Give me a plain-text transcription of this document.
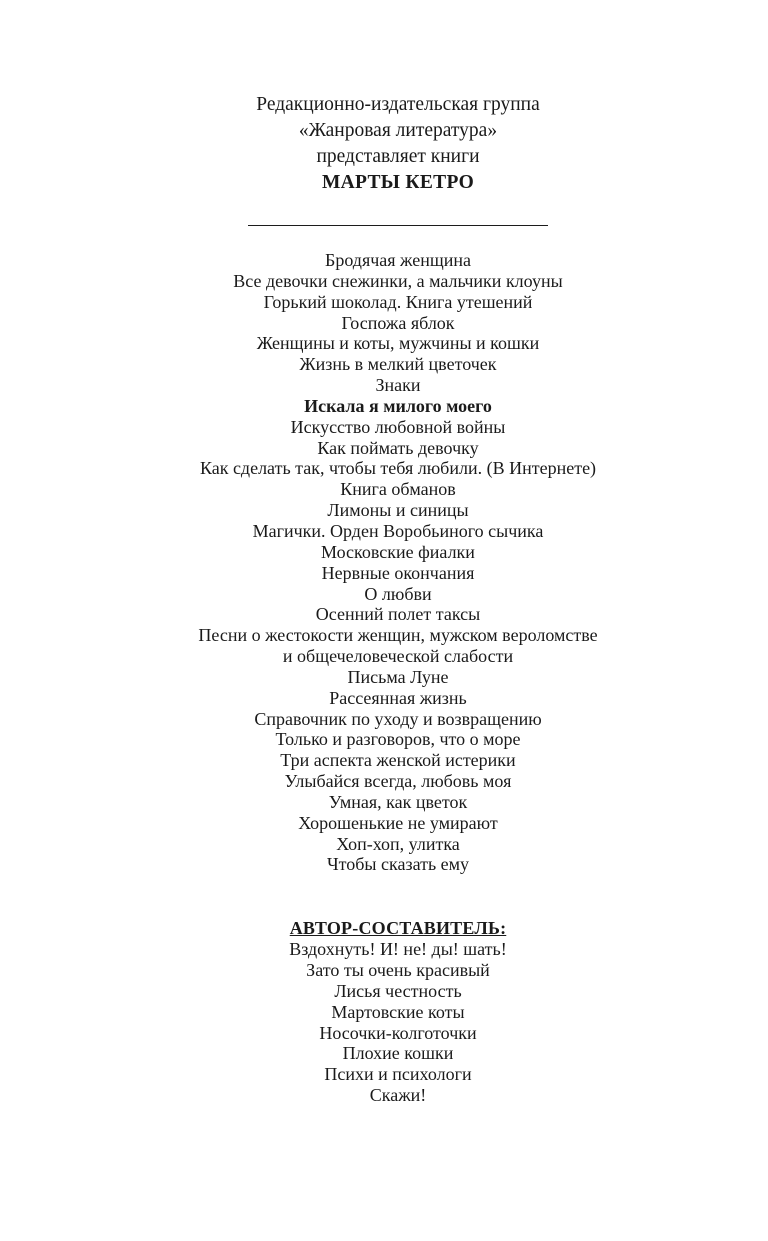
Редакционно-издательская группа
«Жанровая литература»
представляет книги
МАРТЫ КЕТРО
Бродячая женщина
Все девочки снежинки, а мальчики клоуны
Горький шоколад. Книга утешений
Госпожа яблок
Женщины и коты, мужчины и кошки
Жизнь в мелкий цветочек
Знаки
Искала я милого моего
Искусство любовной войны
Как поймать девочку
Как сделать так, чтобы тебя любили. (В Интернете)
Книга обманов
Лимоны и синицы
Магички. Орден Воробьиного сычика
Московские фиалки
Нервные окончания
О любви
Осенний полет таксы
Песни о жестокости женщин, мужском вероломстве
и общечеловеческой слабости
Письма Луне
Рассеянная жизнь
Справочник по уходу и возвращению
Только и разговоров, что о море
Три аспекта женской истерики
Улыбайся всегда, любовь моя
Умная, как цветок
Хорошенькие не умирают
Хоп-хоп, улитка
Чтобы сказать ему
АВТОР-СОСТАВИТЕЛЬ:
Вздохнуть! И! не! ды! шать!
Зато ты очень красивый
Лисья честность
Мартовские коты
Носочки-колготочки
Плохие кошки
Психи и психологи
Скажи!
